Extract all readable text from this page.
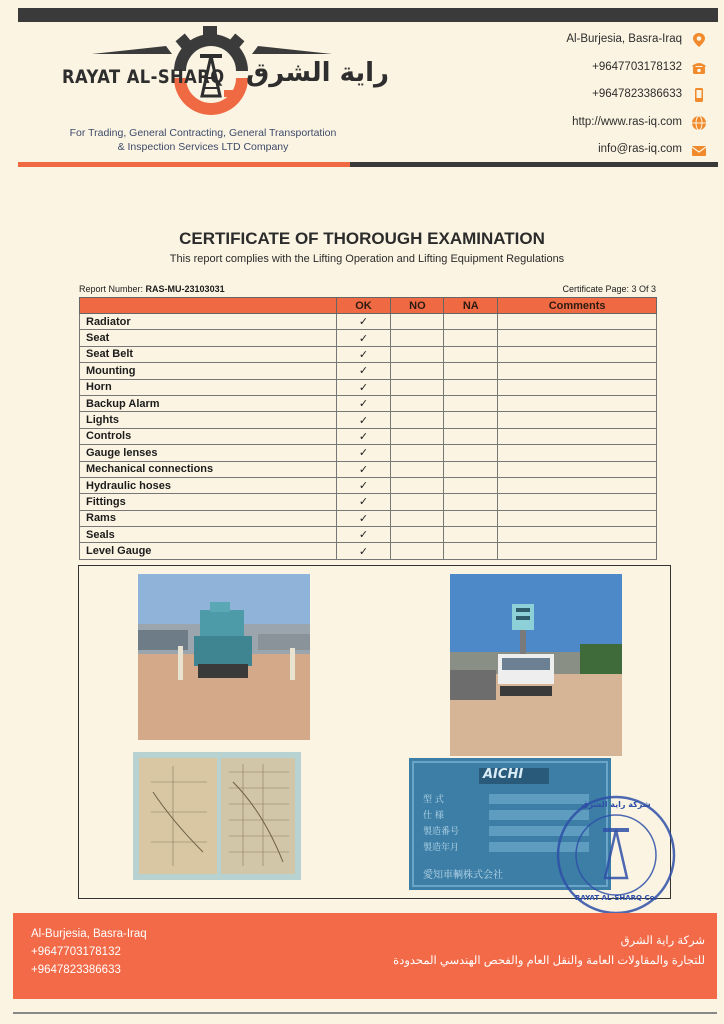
RAYAT AL-SHARQ راية الشرق
For Trading, General Contracting, General Transportation
& Inspection Services LTD Company
Al-Burjesia, Basra-Iraq
+9647703178132
+9647823386633
http://www.ras-iq.com
info@ras-iq.com
CERTIFICATE OF THOROUGH EXAMINATION
This report complies with the Lifting Operation and Lifting Equipment Regulations
Report Number: RAS-MU-23103031	Certificate Page: 3 Of 3
	OK	NO	NA	Comments
Radiator	✓			
Seat	✓			
Seat Belt	✓			
Mounting	✓			
Horn	✓			
Backup Alarm	✓			
Lights	✓			
Controls	✓			
Gauge lenses	✓			
Mechanical connections	✓			
Hydraulic hoses	✓			
Fittings	✓			
Rams	✓			
Seals	✓			
Level Gauge	✓			
AICHI
型 式
仕 様
製造番号
製造年月
愛知車輌株式会社
شركة راية الشرق
RAYAT AL-SHARQ Co.
Al-Burjesia, Basra-Iraq
+9647703178132
+9647823386633
شركة راية الشرق
للتجارة والمقاولات العامة والنقل العام والفحص الهندسي المحدودة
